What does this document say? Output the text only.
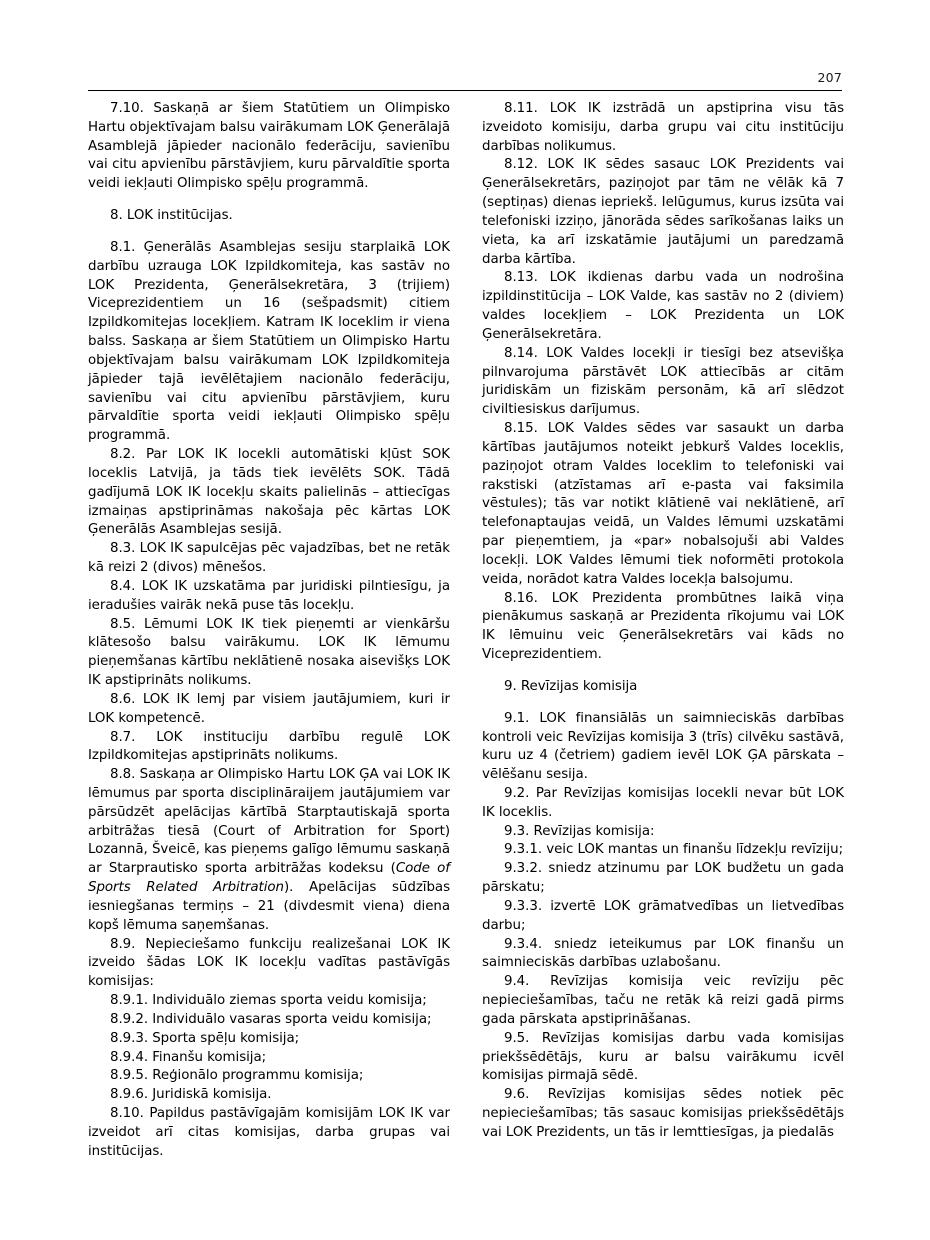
207

7.10. Saskaņā ar šiem Statūtiem un Olimpisko Hartu objektīvajam balsu vairākumam LOK Ģenerālajā Asamblejā jāpieder nacionālo federāciju, savienību vai citu apvienību pārstāvjiem, kuru pārvaldītie sporta veidi iekļauti Olimpisko spēļu programmā.

8. LOK institūcijas.

8.1. Ģenerālās Asamblejas sesiju starplaikā LOK darbību uzrauga LOK Izpildkomiteja, kas sastāv no LOK Prezidenta, Ģenerālsekretāra, 3 (trijiem) Viceprezidentiem un 16 (sešpadsmit) citiem Izpildkomitejas locekļiem. Katram IK loceklim ir viena balss. Saskaņa ar šiem Statūtiem un Olimpisko Hartu objektīvajam balsu vairākumam LOK Izpildkomiteja jāpieder tajā ievēlētajiem nacionālo federāciju, savienību vai citu apvienību pārstāvjiem, kuru pārvaldītie sporta veidi iekļauti Olimpisko spēļu programmā.

8.2. Par LOK IK locekli automātiski kļūst SOK loceklis Latvijā, ja tāds tiek ievēlēts SOK. Tādā gadījumā LOK IK locekļu skaits palielinās – attiecīgas izmaiņas apstiprināmas nakošaja pēc kārtas LOK Ģenerālās Asamblejas sesijā.

8.3. LOK IK sapulcējas pēc vajadzības, bet ne retāk kā reizi 2 (divos) mēnešos.

8.4. LOK IK uzskatāma par juridiski pilntiesīgu, ja ieradušies vairāk nekā puse tās locekļu.

8.5. Lēmumi LOK IK tiek pieņemti ar vienkāršu klātesošo balsu vairākumu. LOK IK lēmumu pieņemšanas kārtību neklātienē nosaka aisevišķs LOK IK apstiprināts nolikums.

8.6. LOK IK lemj par visiem jautājumiem, kuri ir LOK kompetencē.

8.7. LOK instituciju darbību regulē LOK Izpildkomitejas apstiprināts nolikums.

8.8. Saskaņa ar Olimpisko Hartu LOK ĢA vai LOK IK lēmumus par sporta disciplināraijem jautājumiem var pārsūdzēt apelācijas kārtībā Starptautiskajā sporta arbitrāžas tiesā (Court of Arbitration for Sport) Lozannā, Šveicē, kas pieņems galīgo lēmumu saskaņā ar Starprautisko sporta arbitrāžas kodeksu (Code of Sports Related Arbitration). Apelācijas sūdzības iesniegšanas termiņs – 21 (divdesmit viena) diena kopš lēmuma saņemšanas.

8.9. Nepieciešamo funkciju realizešanai LOK IK izveido šādas LOK IK locekļu vadītas pastāvīgās komisijas:

8.9.1. Individuālo ziemas sporta veidu komisija;

8.9.2. Individuālo vasaras sporta veidu komisija;

8.9.3. Sporta spēļu komisija;

8.9.4. Finanšu komisija;

8.9.5. Reģionālo programmu komisija;

8.9.6. Juridiskā komisija.

8.10. Papildus pastāvīgajām komisijām LOK IK var izveidot arī citas komisijas, darba grupas vai institūcijas.

8.11. LOK IK izstrādā un apstiprina visu tās izveidoto komisiju, darba grupu vai citu institūciju darbības nolikumus.

8.12. LOK IK sēdes sasauc LOK Prezidents vai Ģenerālsekretārs, paziņojot par tām ne vēlāk kā 7 (septiņas) dienas iepriekš. Ielūgumus, kurus izsūta vai telefoniski izziņo, jānorāda sēdes sarīkošanas laiks un vieta, ka arī izskatāmie jautājumi un paredzamā darba kārtība.

8.13. LOK ikdienas darbu vada un nodrošina izpildinstitūcija – LOK Valde, kas sastāv no 2 (diviem) valdes locekļiem – LOK Prezidenta un LOK Ģenerālsekretāra.

8.14. LOK Valdes locekļi ir tiesīgi bez atsevišķa pilnvarojuma pārstāvēt LOK attiecībās ar citām juridiskām un fiziskām personām, kā arī slēdzot civiltiesiskus darījumus.

8.15. LOK Valdes sēdes var sasaukt un darba kārtības jautājumos noteikt jebkurš Valdes loceklis, paziņojot otram Valdes loceklim to telefoniski vai rakstiski (atzīstamas arī e-pasta vai faksimila vēstules); tās var notikt klātienē vai neklātienē, arī telefonaptaujas veidā, un Valdes lēmumi uzskatāmi par pieņemtiem, ja «par» nobalsojuši abi Valdes locekļi. LOK Valdes lēmumi tiek noformēti protokola veida, norādot katra Valdes locekļa balsojumu.

8.16. LOK Prezidenta prombūtnes laikā viņa pienākumus saskaņā ar Prezidenta rīkojumu vai LOK IK lēmuinu veic Ģenerālsekretārs vai kāds no Viceprezidentiem.

9. Revīzijas komisija

9.1. LOK finansiālās un saimnieciskās darbības kontroli veic Revīzijas komisija 3 (trīs) cilvēku sastāvā, kuru uz 4 (četriem) gadiem ievēl LOK ĢA pārskata – vēlēšanu sesija.

9.2. Par Revīzijas komisijas locekli nevar būt LOK IK loceklis.

9.3. Revīzijas komisija:

9.3.1. veic LOK mantas un finanšu līdzekļu revīziju;

9.3.2. sniedz atzinumu par LOK budžetu un gada pārskatu;

9.3.3. izvertē LOK grāmatvedības un lietvedības darbu;

9.3.4. sniedz ieteikumus par LOK finanšu un saimnieciskās darbības uzlabošanu.

9.4. Revīzijas komisija veic revīziju pēc nepieciešamības, taču ne retāk kā reizi gadā pirms gada pārskata apstiprināšanas.

9.5. Revīzijas komisijas darbu vada komisijas priekšsēdētājs, kuru ar balsu vairākumu icvēl komisijas pirmajā sēdē.

9.6. Revīzijas komisijas sēdes notiek pēc nepieciešamības; tās sasauc komisijas priekšsēdētājs vai LOK Prezidents, un tās ir lemttiesīgas, ja piedalās
